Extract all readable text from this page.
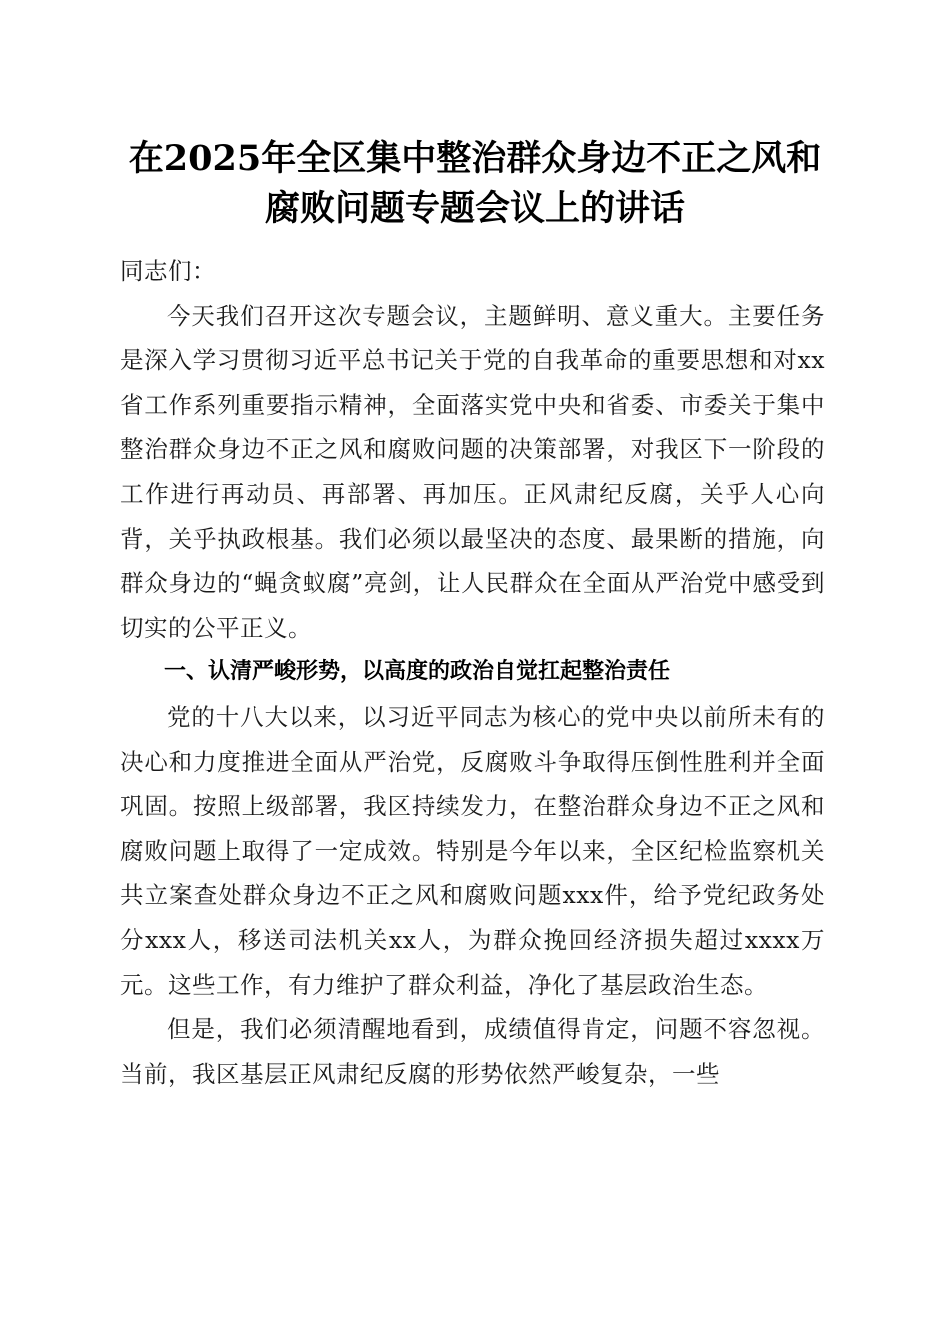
在2025年全区集中整治群众身边不正之风和
腐败问题专题会议上的讲话

同志们：

今天我们召开这次专题会议，主题鲜明、意义重大。主要任务是深入学习贯彻习近平总书记关于党的自我革命的重要思想和对xx省工作系列重要指示精神，全面落实党中央和省委、市委关于集中整治群众身边不正之风和腐败问题的决策部署，对我区下一阶段的工作进行再动员、再部署、再加压。正风肃纪反腐，关乎人心向背，关乎执政根基。我们必须以最坚决的态度、最果断的措施，向群众身边的“蝇贪蚁腐”亮剑，让人民群众在全面从严治党中感受到切实的公平正义。

一、认清严峻形势，以高度的政治自觉扛起整治责任

党的十八大以来，以习近平同志为核心的党中央以前所未有的决心和力度推进全面从严治党，反腐败斗争取得压倒性胜利并全面巩固。按照上级部署，我区持续发力，在整治群众身边不正之风和腐败问题上取得了一定成效。特别是今年以来，全区纪检监察机关共立案查处群众身边不正之风和腐败问题xxx件，给予党纪政务处分xxx人，移送司法机关xx人，为群众挽回经济损失超过xxxx万元。这些工作，有力维护了群众利益，净化了基层政治生态。

但是，我们必须清醒地看到，成绩值得肯定，问题不容忽视。当前，我区基层正风肃纪反腐的形势依然严峻复杂，一些
